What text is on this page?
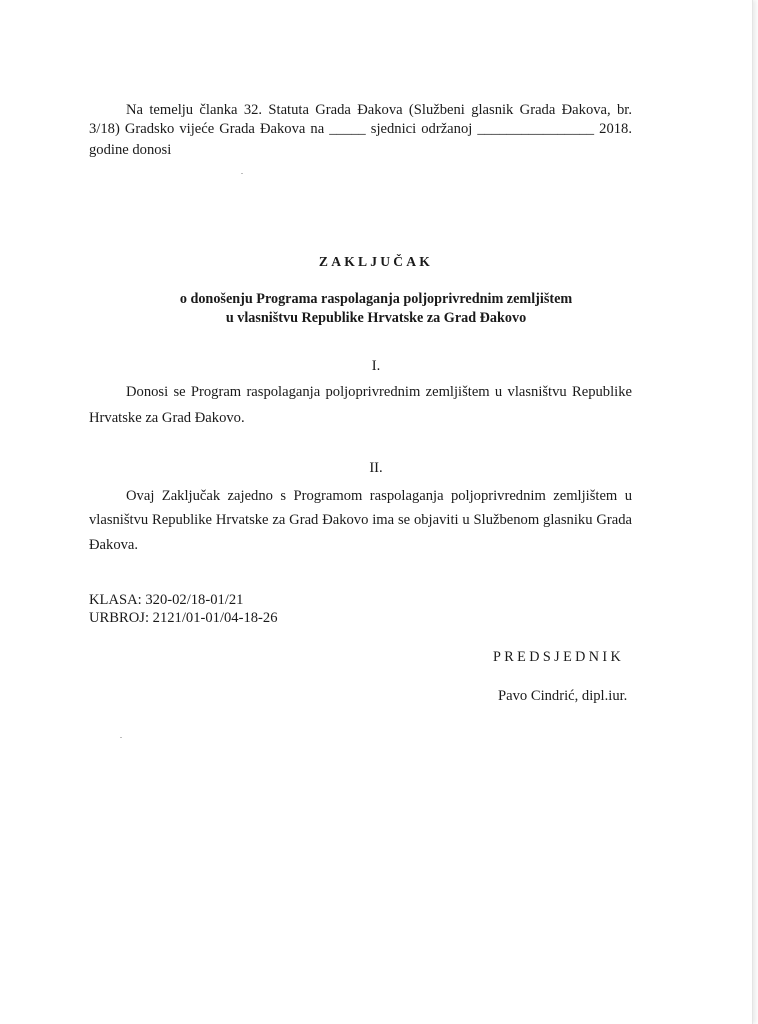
Na temelju članka 32. Statuta Grada Đakova (Službeni glasnik Grada Đakova, br.
3/18) Gradsko vijeće Grada Đakova na _____ sjednici održanoj ________________ 2018.
godine donosi
ZAKLJUČAK
o donošenju Programa raspolaganja poljoprivrednim zemljištem
u vlasništvu Republike Hrvatske za Grad Đakovo
I.
Donosi se Program raspolaganja poljoprivrednim zemljištem u vlasništvu Republike
Hrvatske za Grad Đakovo.
II.
Ovaj Zaključak zajedno s Programom raspolaganja poljoprivrednim zemljištem u
vlasništvu Republike Hrvatske za Grad Đakovo ima se objaviti u Službenom glasniku Grada
Đakova.
KLASA: 320-02/18-01/21
URBROJ: 2121/01-01/04-18-26
PREDSJEDNIK
Pavo Cindrić, dipl.iur.
